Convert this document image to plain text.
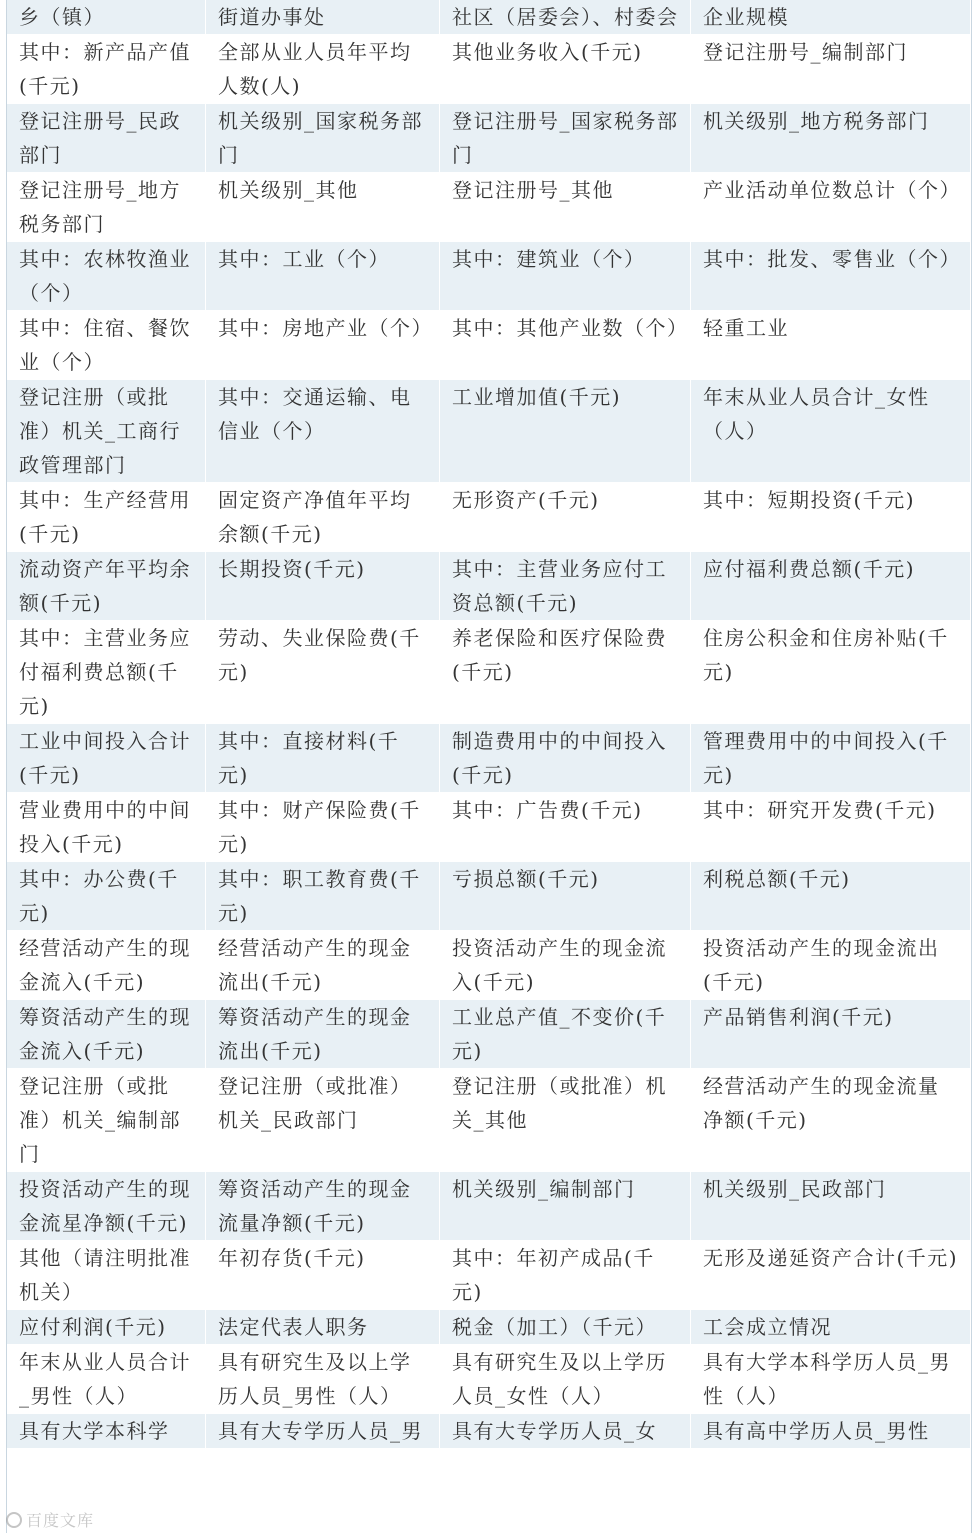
乡（镇）	街道办事处	社区（居委会）、村委会	企业规模
其中：新产品产值(千元)	全部从业人员年平均人数(人)	其他业务收入(千元)	登记注册号_编制部门
登记注册号_民政部门	机关级别_国家税务部门	登记注册号_国家税务部门	机关级别_地方税务部门
登记注册号_地方税务部门	机关级别_其他	登记注册号_其他	产业活动单位数总计（个）
其中：农林牧渔业（个）	其中：工业（个）	其中：建筑业（个）	其中：批发、零售业（个）
其中：住宿、餐饮业（个）	其中：房地产业（个）	其中：其他产业数（个）	轻重工业
登记注册（或批准）机关_工商行政管理部门	其中：交通运输、电信业（个）	工业增加值(千元)	年末从业人员合计_女性（人）
其中：生产经营用(千元)	固定资产净值年平均余额(千元)	无形资产(千元)	其中：短期投资(千元)
流动资产年平均余额(千元)	长期投资(千元)	其中：主营业务应付工资总额(千元)	应付福利费总额(千元)
其中：主营业务应付福利费总额(千元)	劳动、失业保险费(千元)	养老保险和医疗保险费(千元)	住房公积金和住房补贴(千元)
工业中间投入合计(千元)	其中：直接材料(千元)	制造费用中的中间投入(千元)	管理费用中的中间投入(千元)
营业费用中的中间投入(千元)	其中：财产保险费(千元)	其中：广告费(千元)	其中：研究开发费(千元)
其中：办公费(千元)	其中：职工教育费(千元)	亏损总额(千元)	利税总额(千元)
经营活动产生的现金流入(千元)	经营活动产生的现金流出(千元)	投资活动产生的现金流入(千元)	投资活动产生的现金流出(千元)
筹资活动产生的现金流入(千元)	筹资活动产生的现金流出(千元)	工业总产值_不变价(千元)	产品销售利润(千元)
登记注册（或批准）机关_编制部门	登记注册（或批准）机关_民政部门	登记注册（或批准）机关_其他	经营活动产生的现金流量净额(千元)
投资活动产生的现金流星净额(千元)	筹资活动产生的现金流量净额(千元)	机关级别_编制部门	机关级别_民政部门
其他（请注明批准机关）	年初存货(千元)	其中：年初产成品(千元)	无形及递延资产合计(千元)
应付利润(千元)	法定代表人职务	税金（加工）（千元）	工会成立情况
年末从业人员合计_男性（人）	具有研究生及以上学历人员_男性（人）	具有研究生及以上学历人员_女性（人）	具有大学本科学历人员_男性（人）
具有大学本科学	具有大专学历人员_男	具有大专学历人员_女	具有高中学历人员_男性
百度文库
